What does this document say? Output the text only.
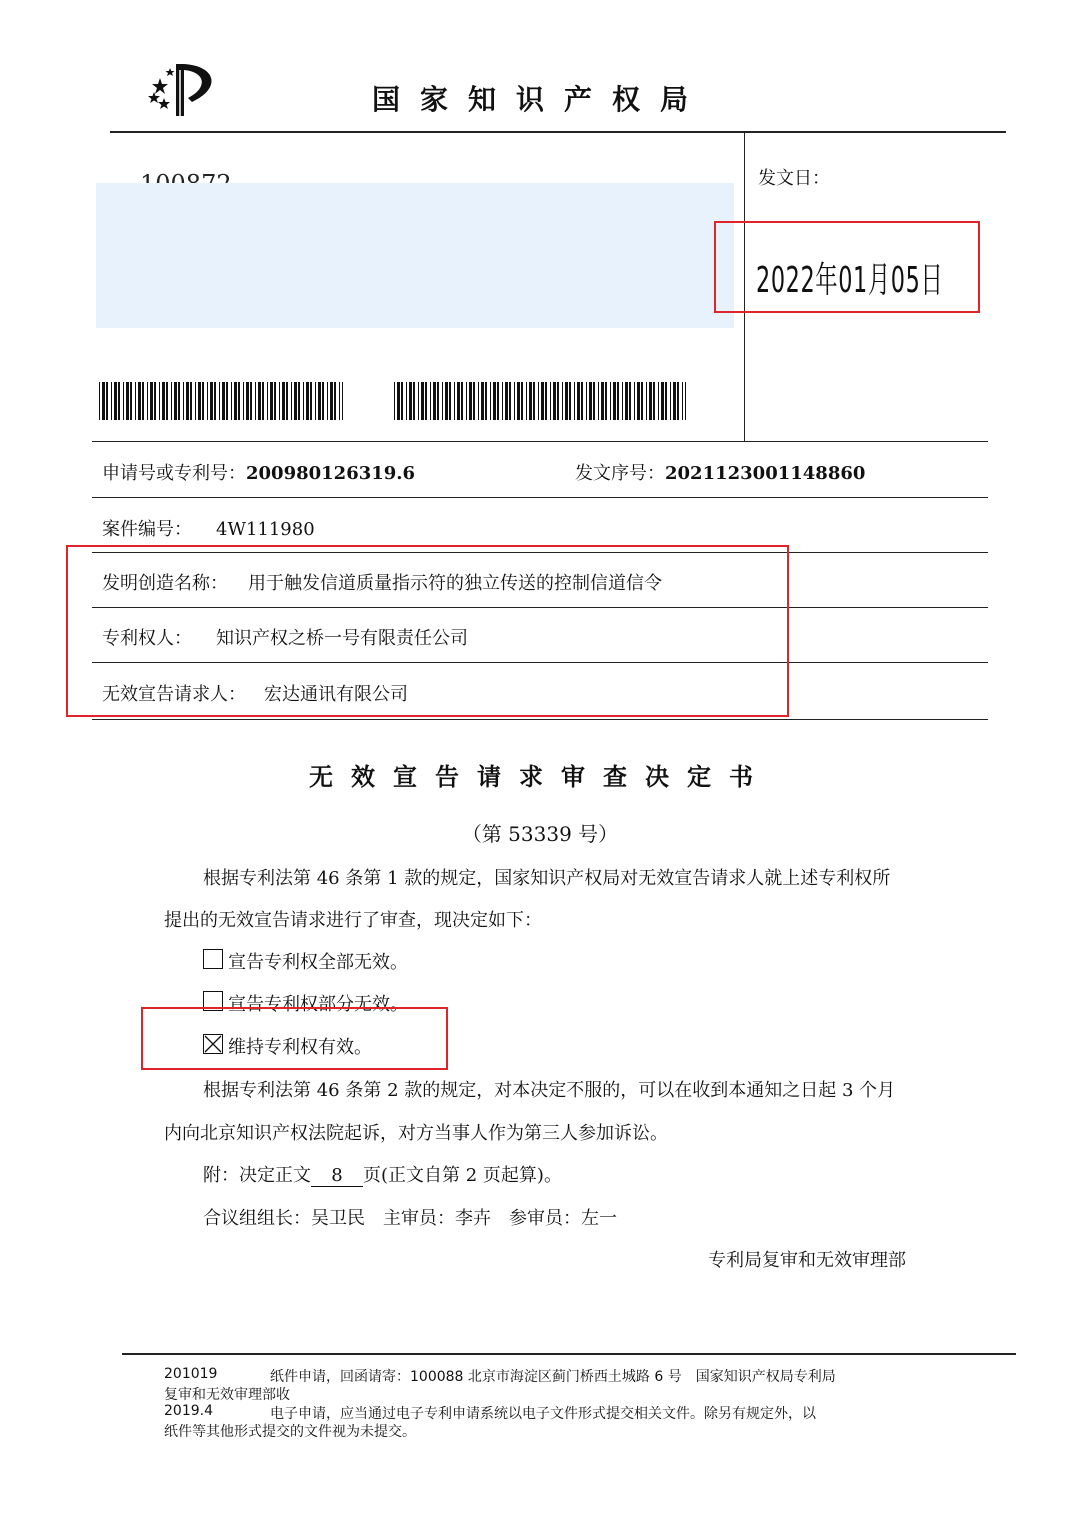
国家知识产权局
发文日：
2022年01月05日
申请号或专利号：200980126319.6	发文序号：2021123001148860
案件编号： 4W111980
发明创造名称： 用于触发信道质量指示符的独立传送的控制信道信令
专利权人： 知识产权之桥一号有限责任公司
无效宣告请求人： 宏达通讯有限公司
无效宣告请求审查决定书
（第 53339 号）
根据专利法第 46 条第 1 款的规定，国家知识产权局对无效宣告请求人就上述专利权所
提出的无效宣告请求进行了审查，现决定如下：
宣告专利权全部无效。
宣告专利权部分无效。
维持专利权有效。
根据专利法第 46 条第 2 款的规定，对本决定不服的，可以在收到本通知之日起 3 个月
内向北京知识产权法院起诉，对方当事人作为第三人参加诉讼。
附：决定正文 8 页(正文自第 2 页起算)。
合议组组长：吴卫民　主审员：李卉　参审员：左一
专利局复审和无效审理部
201019	纸件申请，回函请寄：100088 北京市海淀区蓟门桥西土城路 6 号　国家知识产权局专利局
复审和无效审理部收
2019.4	电子申请，应当通过电子专利申请系统以电子文件形式提交相关文件。除另有规定外，以
纸件等其他形式提交的文件视为未提交。
